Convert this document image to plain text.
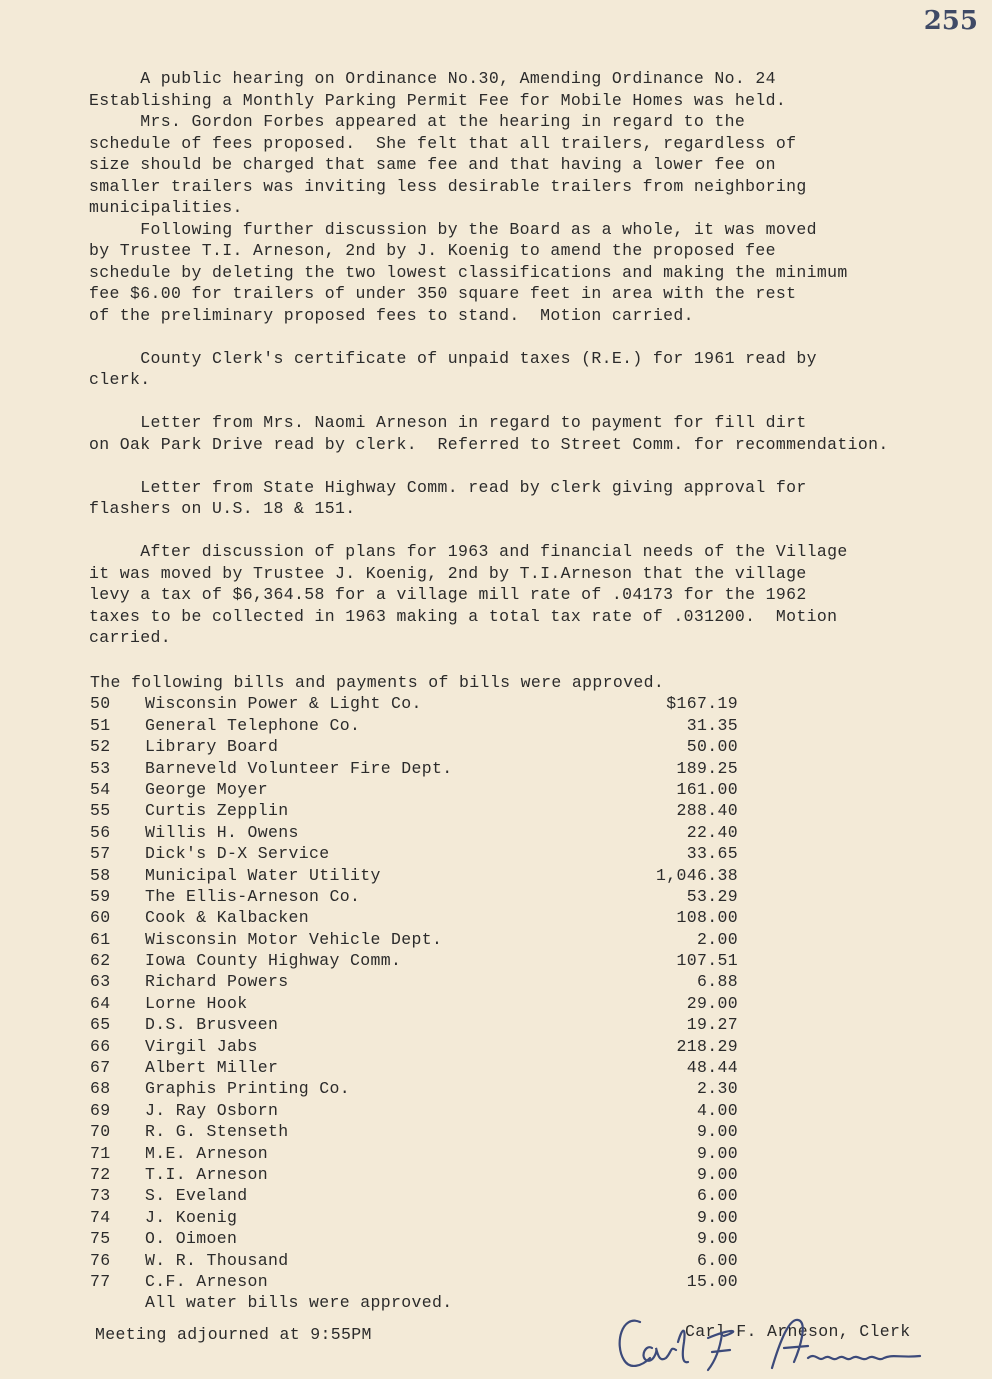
255
A public hearing on Ordinance No.30, Amending Ordinance No. 24
Establishing a Monthly Parking Permit Fee for Mobile Homes was held.
Mrs. Gordon Forbes appeared at the hearing in regard to the
schedule of fees proposed.  She felt that all trailers, regardless of
size should be charged that same fee and that having a lower fee on
smaller trailers was inviting less desirable trailers from neighboring
municipalities.
Following further discussion by the Board as a whole, it was moved
by Trustee T.I. Arneson, 2nd by J. Koenig to amend the proposed fee
schedule by deleting the two lowest classifications and making the minimum
fee $6.00 for trailers of under 350 square feet in area with the rest
of the preliminary proposed fees to stand.  Motion carried.
County Clerk's certificate of unpaid taxes (R.E.) for 1961 read by
clerk.
Letter from Mrs. Naomi Arneson in regard to payment for fill dirt
on Oak Park Drive read by clerk.  Referred to Street Comm. for recommendation.
Letter from State Highway Comm. read by clerk giving approval for
flashers on U.S. 18 & 151.
After discussion of plans for 1963 and financial needs of the Village
it was moved by Trustee J. Koenig, 2nd by T.I.Arneson that the village
levy a tax of $6,364.58 for a village mill rate of .04173 for the 1962
taxes to be collected in 1963 making a total tax rate of .031200.  Motion
carried.
The following bills and payments of bills were approved.
50 Wisconsin Power & Light Co.	$167.19
51 General Telephone Co.	31.35
52 Library Board	50.00
53 Barneveld Volunteer Fire Dept.	189.25
54 George Moyer	161.00
55 Curtis Zepplin	288.40
56 Willis H. Owens	22.40
57 Dick's D-X Service	33.65
58 Municipal Water Utility	1,046.38
59 The Ellis-Arneson Co.	53.29
60 Cook & Kalbacken	108.00
61 Wisconsin Motor Vehicle Dept.	2.00
62 Iowa County Highway Comm.	107.51
63 Richard Powers	6.88
64 Lorne Hook	29.00
65 D.S. Brusveen	19.27
66 Virgil Jabs	218.29
67 Albert Miller	48.44
68 Graphis Printing Co.	2.30
69 J. Ray Osborn	4.00
70 R. G. Stenseth	9.00
71 M.E. Arneson	9.00
72 T.I. Arneson	9.00
73 S. Eveland	6.00
74 J. Koenig	9.00
75 O. Oimoen	9.00
76 W. R. Thousand	6.00
77 C.F. Arneson	15.00
All water bills were approved.
Meeting adjourned at 9:55PM	Carl F. Arneson, Clerk
